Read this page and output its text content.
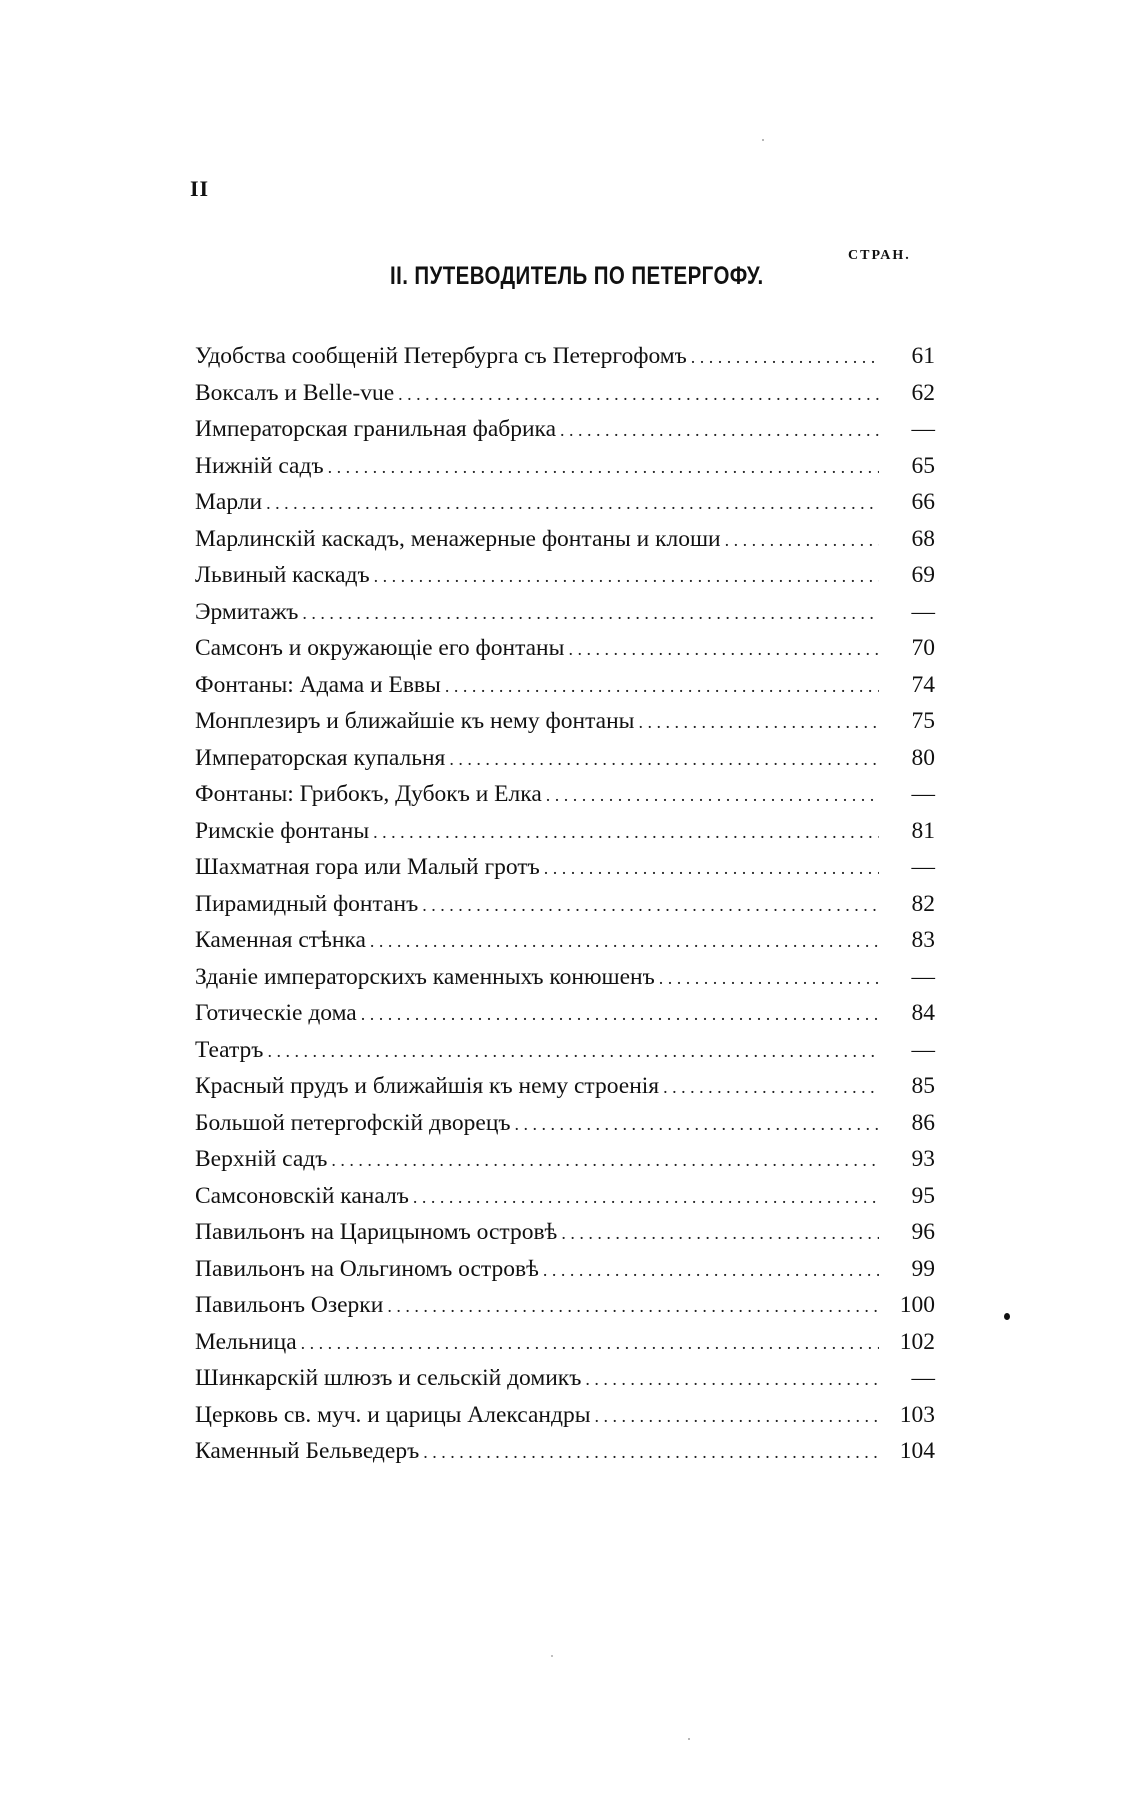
II
СТРАН.
II. ПУТЕВОДИТЕЛЬ ПО ПЕТЕРГОФУ.
Удобства сообщеній Петербурга съ Петергофомъ . . .	61
Воксалъ и Belle-vue . . .	62
Императорская гранильная фабрика . . .	—
Нижній садъ . . .	65
Марли . . .	66
Марлинскій каскадъ, менажерные фонтаны и клоши . . .	68
Львиный каскадъ . . .	69
Эрмитажъ . . .	—
Самсонъ и окружающіе его фонтаны . . .	70
Фонтаны: Адама и Еввы . . .	74
Монплезиръ и ближайшіе къ нему фонтаны . . .	75
Императорская купальня . . .	80
Фонтаны: Грибокъ, Дубокъ и Елка . . .	—
Римскіе фонтаны . . .	81
Шахматная гора или Малый гротъ . . .	—
Пирамидный фонтанъ . . .	82
Каменная стѣнка . . .	83
Зданіе императорскихъ каменныхъ конюшенъ . . .	—
Готическіе дома . . .	84
Театръ . . .	—
Красный прудъ и ближайшія къ нему строенія . . .	85
Большой петергофскій дворецъ . . .	86
Верхній садъ . . .	93
Самсоновскій каналъ . . .	95
Павильонъ на Царицыномъ островѣ . . .	96
Павильонъ на Ольгиномъ островѣ . . .	99
Павильонъ Озерки . . .	100
Мельница . . .	102
Шинкарскій шлюзъ и сельскій домикъ . . .	—
Церковь св. муч. и царицы Александры . . .	103
Каменный Бельведеръ . . .	104
